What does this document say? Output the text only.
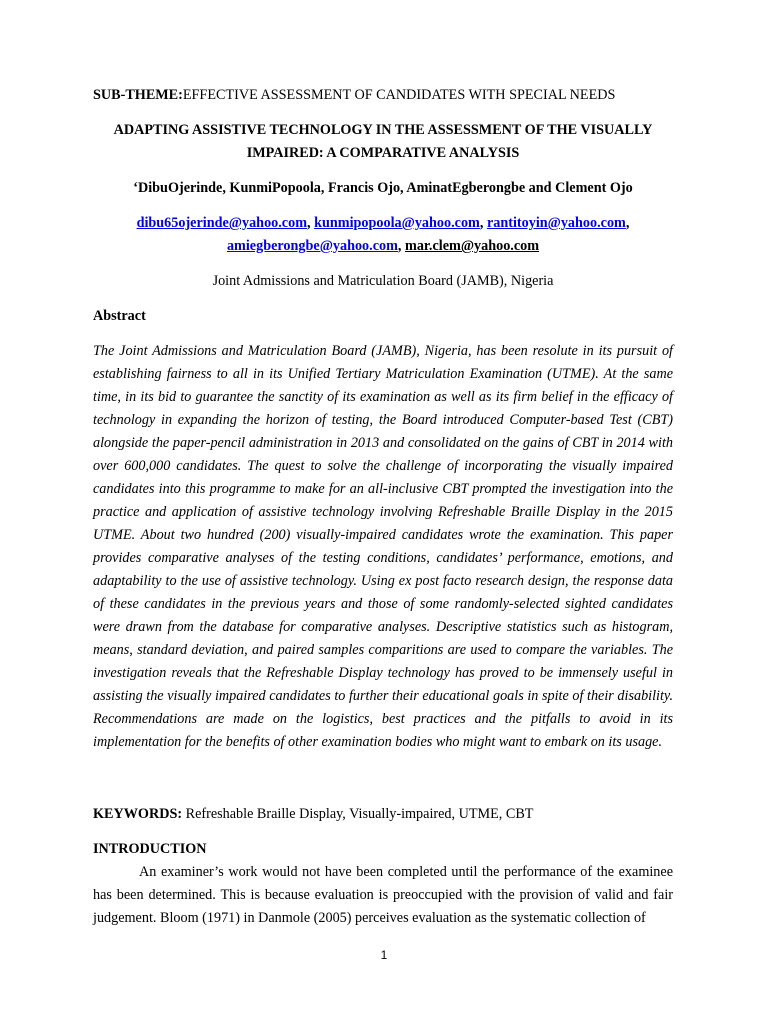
SUB-THEME:EFFECTIVE ASSESSMENT OF CANDIDATES WITH SPECIAL NEEDS
ADAPTING ASSISTIVE TECHNOLOGY IN THE ASSESSMENT OF THE VISUALLY IMPAIRED: A COMPARATIVE ANALYSIS
‘DibuOjerinde, KunmiPopoola, Francis Ojo, AminatEgberongbe and Clement Ojo
dibu65ojerinde@yahoo.com, kunmipopoola@yahoo.com, rantitoyin@yahoo.com, amiegberongbe@yahoo.com, mar.clem@yahoo.com
Joint Admissions and Matriculation Board (JAMB), Nigeria
Abstract
The Joint Admissions and Matriculation Board (JAMB), Nigeria, has been resolute in its pursuit of establishing fairness to all in its Unified Tertiary Matriculation Examination (UTME). At the same time, in its bid to guarantee the sanctity of its examination as well as its firm belief in the efficacy of technology in expanding the horizon of testing, the Board introduced Computer-based Test (CBT) alongside the paper-pencil administration in 2013 and consolidated on the gains of CBT in 2014 with over 600,000 candidates. The quest to solve the challenge of incorporating the visually impaired candidates into this programme to make for an all-inclusive CBT prompted the investigation into the practice and application of assistive technology involving Refreshable Braille Display in the 2015 UTME. About two hundred (200) visually-impaired candidates wrote the examination. This paper provides comparative analyses of the testing conditions, candidates’ performance, emotions, and adaptability to the use of assistive technology. Using ex post facto research design, the response data of these candidates in the previous years and those of some randomly-selected sighted candidates were drawn from the database for comparative analyses. Descriptive statistics such as histogram, means, standard deviation, and paired samples comparitions are used to compare the variables. The investigation reveals that the Refreshable Display technology has proved to be immensely useful in assisting the visually impaired candidates to further their educational goals in spite of their disability. Recommendations are made on the logistics, best practices and the pitfalls to avoid in its implementation for the benefits of other examination bodies who might want to embark on its usage.
KEYWORDS: Refreshable Braille Display, Visually-impaired, UTME, CBT
INTRODUCTION
An examiner’s work would not have been completed until the performance of the examinee has been determined. This is because evaluation is preoccupied with the provision of valid and fair judgement. Bloom (1971) in Danmole (2005) perceives evaluation as the systematic collection of
1
